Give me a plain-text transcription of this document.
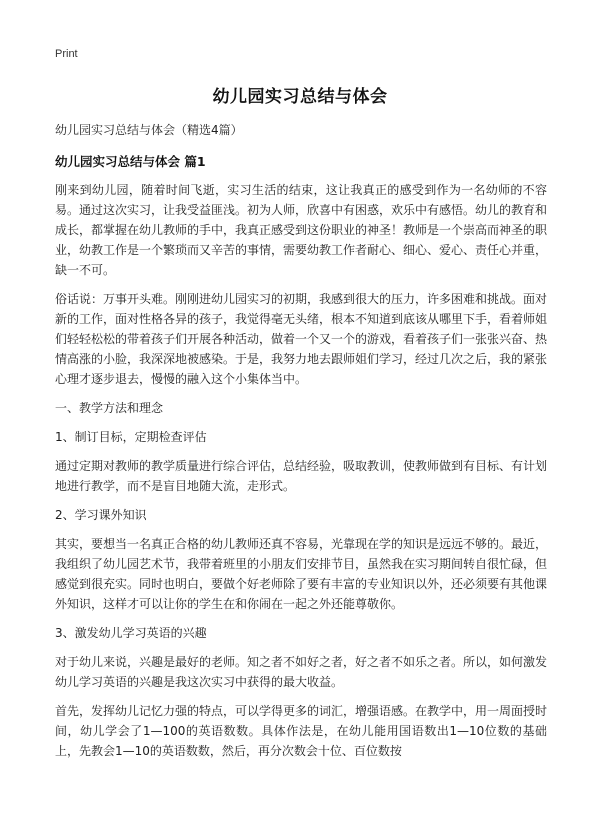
Print
幼儿园实习总结与体会
幼儿园实习总结与体会（精选4篇）
幼儿园实习总结与体会 篇1

刚来到幼儿园，随着时间飞逝，实习生活的结束，这让我真正的感受到作为一名幼师的不容易。通过这次实习，让我受益匪浅。初为人师，欣喜中有困惑，欢乐中有感悟。幼儿的教育和成长，都掌握在幼儿教师的手中，我真正感受到这份职业的神圣！教师是一个崇高而神圣的职业，幼教工作是一个繁琐而又辛苦的事情，需要幼教工作者耐心、细心、爱心、责任心并重，缺一不可。

俗话说：万事开头难。刚刚进幼儿园实习的初期，我感到很大的压力，许多困难和挑战。面对新的工作，面对性格各异的孩子，我觉得毫无头绪，根本不知道到底该从哪里下手，看着师姐们轻轻松松的带着孩子们开展各种活动，做着一个又一个的游戏，看着孩子们一张张兴奋、热情高涨的小脸，我深深地被感染。于是，我努力地去跟师姐们学习，经过几次之后，我的紧张心理才逐步退去，慢慢的融入这个小集体当中。

一、教学方法和理念

1、制订目标，定期检查评估

通过定期对教师的教学质量进行综合评估，总结经验，吸取教训，使教师做到有目标、有计划地进行教学，而不是盲目地随大流，走形式。

2、学习课外知识

其实，要想当一名真正合格的幼儿教师还真不容易，光靠现在学的知识是远远不够的。最近，我组织了幼儿园艺术节，我带着班里的小朋友们安排节目，虽然我在实习期间转自很忙碌，但感觉到很充实。同时也明白，要做个好老师除了要有丰富的专业知识以外，还必须要有其他课外知识，这样才可以让你的学生在和你闹在一起之外还能尊敬你。

3、激发幼儿学习英语的兴趣

对于幼儿来说，兴趣是最好的老师。知之者不如好之者，好之者不如乐之者。所以，如何激发幼儿学习英语的兴趣是我这次实习中获得的最大收益。

首先，发挥幼儿记忆力强的特点，可以学得更多的词汇，增强语感。在教学中，用一周面授时间，幼儿学会了1—100的英语数数。具体作法是，在幼儿能用国语数出1—10位数的基础上，先教会1—10的英语数数，然后，再分次数会十位、百位数按
